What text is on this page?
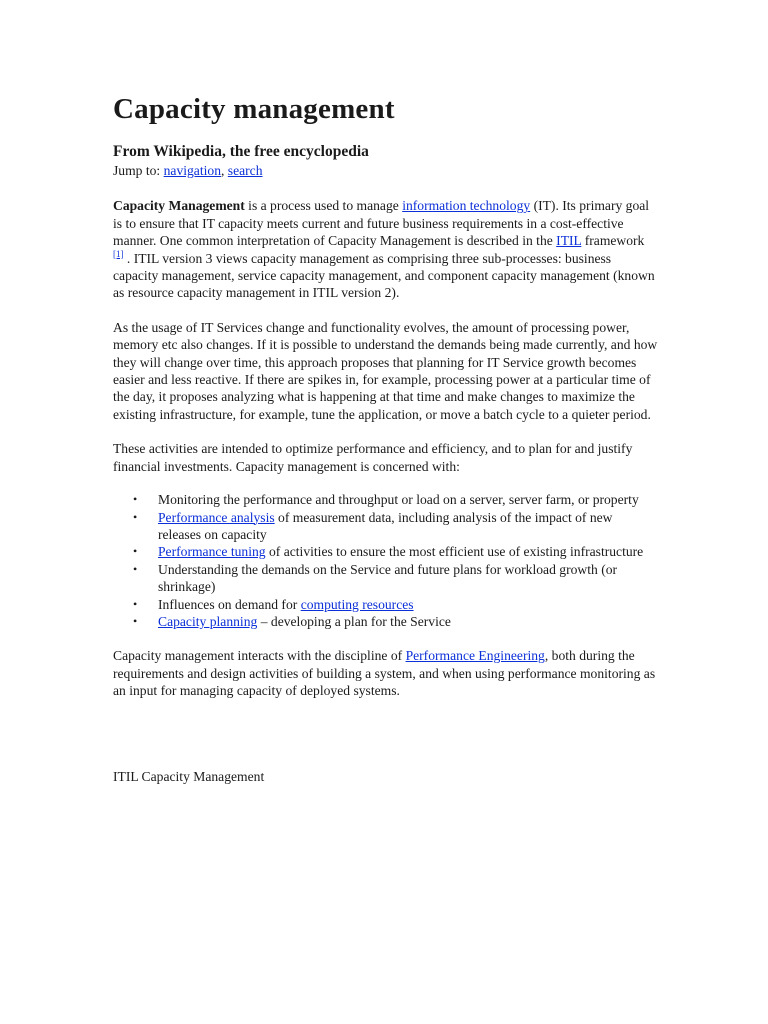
Capacity management
From Wikipedia, the free encyclopedia

Jump to: navigation, search

Capacity Management is a process used to manage information technology (IT). Its primary goal is to ensure that IT capacity meets current and future business requirements in a cost-effective manner. One common interpretation of Capacity Management is described in the ITIL framework [1] . ITIL version 3 views capacity management as comprising three sub-processes: business capacity management, service capacity management, and component capacity management (known as resource capacity management in ITIL version 2).

As the usage of IT Services change and functionality evolves, the amount of processing power, memory etc also changes. If it is possible to understand the demands being made currently, and how they will change over time, this approach proposes that planning for IT Service growth becomes easier and less reactive. If there are spikes in, for example, processing power at a particular time of the day, it proposes analyzing what is happening at that time and make changes to maximize the existing infrastructure, for example, tune the application, or move a batch cycle to a quieter period.

These activities are intended to optimize performance and efficiency, and to plan for and justify financial investments. Capacity management is concerned with:

• Monitoring the performance and throughput or load on a server, server farm, or property
• Performance analysis of measurement data, including analysis of the impact of new releases on capacity
• Performance tuning of activities to ensure the most efficient use of existing infrastructure
• Understanding the demands on the Service and future plans for workload growth (or shrinkage)
• Influences on demand for computing resources
• Capacity planning – developing a plan for the Service

Capacity management interacts with the discipline of Performance Engineering, both during the requirements and design activities of building a system, and when using performance monitoring as an input for managing capacity of deployed systems.

ITIL Capacity Management
